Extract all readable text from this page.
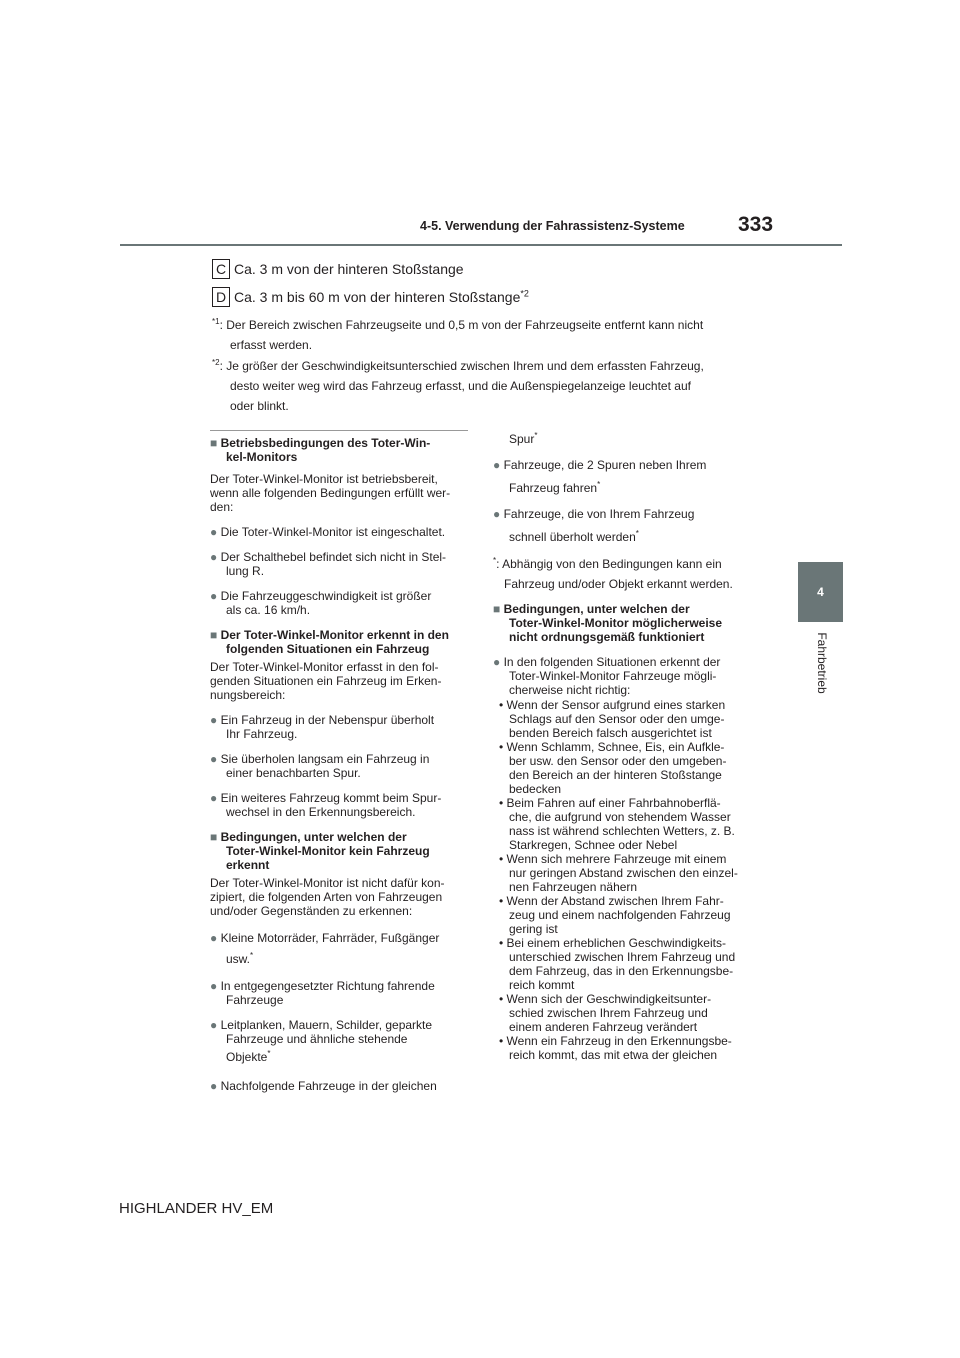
4-5. Verwendung der Fahrassistenz-Systeme	333
4
Fahrbetrieb
C Ca. 3 m von der hinteren Stoßstange
D Ca. 3 m bis 60 m von der hinteren Stoßstange$^{*2}$
$^{*1}$: Der Bereich zwischen Fahrzeugseite und 0,5 m von der Fahrzeugseite entfernt kann nicht
erfasst werden.
$^{*2}$: Je größer der Geschwindigkeitsunterschied zwischen Ihrem und dem erfassten Fahrzeug,
desto weiter weg wird das Fahrzeug erfasst, und die Außenspiegelanzeige leuchtet auf
oder blinkt.
■ Betriebsbedingungen des Toter-Win-
kel-Monitors
Der Toter-Winkel-Monitor ist betriebsbereit,
wenn alle folgenden Bedingungen erfüllt wer-
den:
● Die Toter-Winkel-Monitor ist eingeschaltet.
● Der Schalthebel befindet sich nicht in Stel-
lung R.
● Die Fahrzeuggeschwindigkeit ist größer
als ca. 16 km/h.
■ Der Toter-Winkel-Monitor erkennt in den
folgenden Situationen ein Fahrzeug
Der Toter-Winkel-Monitor erfasst in den fol-
genden Situationen ein Fahrzeug im Erken-
nungsbereich:
● Ein Fahrzeug in der Nebenspur überholt
Ihr Fahrzeug.
● Sie überholen langsam ein Fahrzeug in
einer benachbarten Spur.
● Ein weiteres Fahrzeug kommt beim Spur-
wechsel in den Erkennungsbereich.
■ Bedingungen, unter welchen der
Toter-Winkel-Monitor kein Fahrzeug
erkennt
Der Toter-Winkel-Monitor ist nicht dafür kon-
zipiert, die folgenden Arten von Fahrzeugen
und/oder Gegenständen zu erkennen:
● Kleine Motorräder, Fahrräder, Fußgänger
usw.*
● In entgegengesetzter Richtung fahrende
Fahrzeuge
● Leitplanken, Mauern, Schilder, geparkte
Fahrzeuge und ähnliche stehende
Objekte*
● Nachfolgende Fahrzeuge in der gleichen
Spur*
● Fahrzeuge, die 2 Spuren neben Ihrem
Fahrzeug fahren*
● Fahrzeuge, die von Ihrem Fahrzeug
schnell überholt werden*
*: Abhängig von den Bedingungen kann ein
Fahrzeug und/oder Objekt erkannt werden.
■ Bedingungen, unter welchen der
Toter-Winkel-Monitor möglicherweise
nicht ordnungsgemäß funktioniert
● In den folgenden Situationen erkennt der
Toter-Winkel-Monitor Fahrzeuge mögli-
cherweise nicht richtig:
• Wenn der Sensor aufgrund eines starken
Schlags auf den Sensor oder den umge-
benden Bereich falsch ausgerichtet ist
• Wenn Schlamm, Schnee, Eis, ein Aufkle-
ber usw. den Sensor oder den umgeben-
den Bereich an der hinteren Stoßstange
bedecken
• Beim Fahren auf einer Fahrbahnoberflä-
che, die aufgrund von stehendem Wasser
nass ist während schlechten Wetters, z. B.
Starkregen, Schnee oder Nebel
• Wenn sich mehrere Fahrzeuge mit einem
nur geringen Abstand zwischen den einzel-
nen Fahrzeugen nähern
• Wenn der Abstand zwischen Ihrem Fahr-
zeug und einem nachfolgenden Fahrzeug
gering ist
• Bei einem erheblichen Geschwindigkeits-
unterschied zwischen Ihrem Fahrzeug und
dem Fahrzeug, das in den Erkennungsbe-
reich kommt
• Wenn sich der Geschwindigkeitsunter-
schied zwischen Ihrem Fahrzeug und
einem anderen Fahrzeug verändert
• Wenn ein Fahrzeug in den Erkennungsbe-
reich kommt, das mit etwa der gleichen
HIGHLANDER HV_EM
